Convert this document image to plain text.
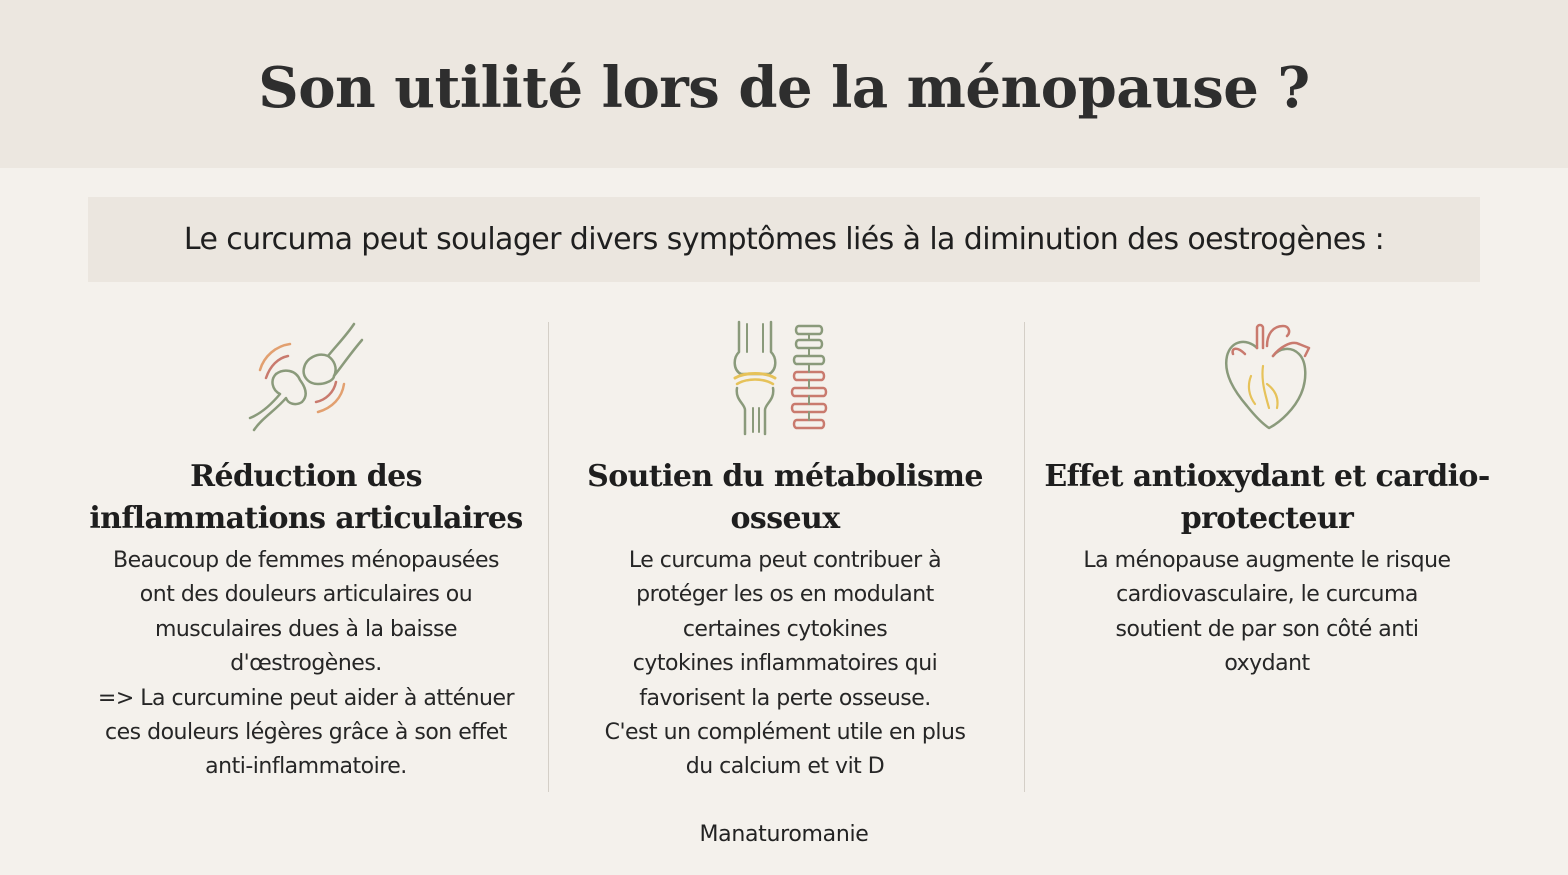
Son utilité lors de la ménopause ?
Le curcuma peut soulager divers symptômes liés à la diminution des oestrogènes :
Réduction des inflammations articulaires
Beaucoup de femmes ménopausées
ont des douleurs articulaires ou
musculaires dues à la baisse
d'œstrogènes.
=> La curcumine peut aider à atténuer
ces douleurs légères grâce à son effet
anti-inflammatoire.
Soutien du métabolisme osseux
Le curcuma peut contribuer à
protéger les os en modulant
certaines cytokines
cytokines inflammatoires qui
favorisent la perte osseuse.
C'est un complément utile en plus
du calcium et vit D
Effet antioxydant et cardio-protecteur
La ménopause augmente le risque
cardiovasculaire, le curcuma
soutient de par son côté anti
oxydant
Manaturomanie
